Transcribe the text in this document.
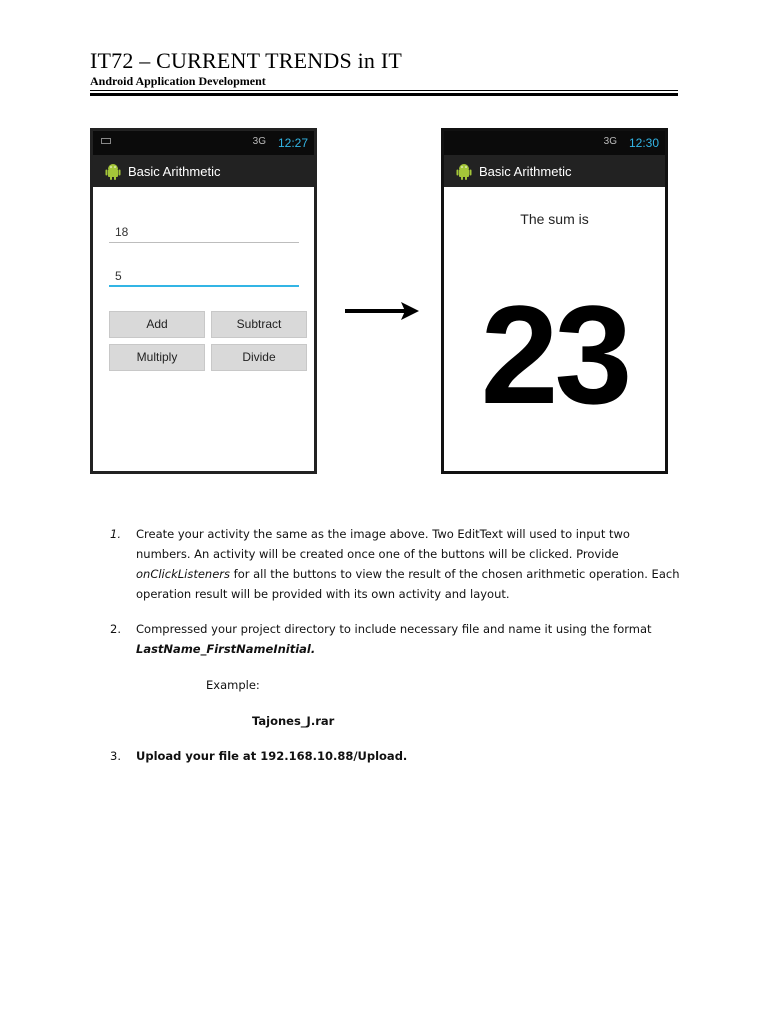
IT72 – CURRENT TRENDS in IT
Android Application Development
3G 12:27
Basic Arithmetic
18
5
Add	Subtract
Multiply	Divide
3G 12:30
Basic Arithmetic
The sum is
23
1. Create your activity the same as the image above. Two EditText will used to input two numbers. An activity will be created once one of the buttons will be clicked. Provide onClickListeners for all the buttons to view the result of the chosen arithmetic operation. Each operation result will be provided with its own activity and layout.
2. Compressed your project directory to include necessary file and name it using the format LastName_FirstNameInitial.
Example:
Tajones_J.rar
3. Upload your file at 192.168.10.88/Upload.
